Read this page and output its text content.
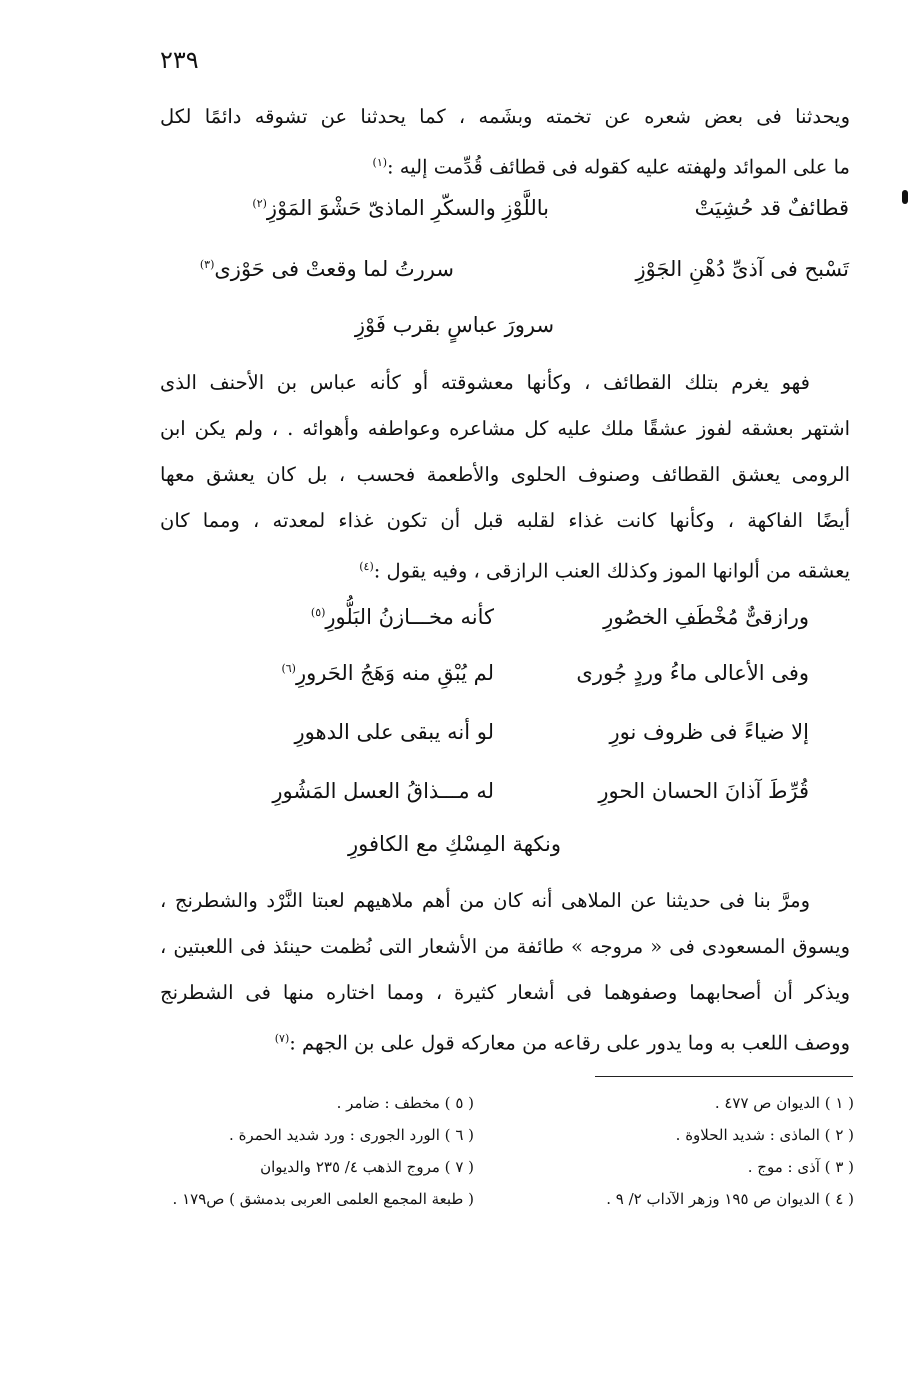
٢٣٩
ويحدثنا فى بعض شعره عن تخمته وبشَمه ، كما يحدثنا عن تشوقه دائمًا لكل
ما على الموائد ولهفته عليه كقوله فى قطائف قُدِّمت إليه :$^{(١)}$
قطائفٌ قد حُشِيَتْ
باللَّوْزِ والسكّرِ الماذىّ حَشْوَ المَوْزِ$^{(٢)}$
تَسْبح فى آذىِّ دُهْنِ الجَوْزِ
سررتُ لما وقعتْ فى حَوْزى$^{(٣)}$
سرورَ عباسٍ بقرب فَوْزِ
فهو يغرم بتلك القطائف ، وكأنها معشوقته أو كأنه عباس بن الأحنف الذى
اشتهر بعشقه لفوز عشقًا ملك عليه كل مشاعره وعواطفه وأهوائه . ، ولم يكن ابن
الرومى يعشق القطائف وصنوف الحلوى والأطعمة فحسب ، بل كان يعشق معها
أيضًا الفاكهة ، وكأنها كانت غذاء لقلبه قبل أن تكون غذاء لمعدته ، ومما كان
يعشقه من ألوانها الموز وكذلك العنب الرازقى ، وفيه يقول :$^{(٤)}$
ورازقىٌّ مُخْطَفِ الخصُورِ
كأنه مخـــازنُ البَلُّورِ$^{(٥)}$
وفى الأعالى ماءُ وردٍ جُورى
لم يُبْقِ منه وَهَجُ الحَرورِ$^{(٦)}$
إلا ضياءً فى ظروف نورِ
لو أنه يبقى على الدهورِ
قُرِّطَ آذانَ الحسان الحورِ
له مـــذاقُ العسل المَشُورِ
ونكهة المِسْكِ مع الكافورِ
ومرَّ بنا فى حديثنا عن الملاهى أنه كان من أهم ملاهيهم لعبتا النَّرْد والشطرنج ،
ويسوق المسعودى فى « مروجه » طائفة من الأشعار التى نُظمت حينئذ فى اللعبتين ،
ويذكر أن أصحابهما وصفوهما فى أشعار كثيرة ، ومما اختاره منها فى الشطرنج
ووصف اللعب به وما يدور على رقاعه من معاركه قول على بن الجهم :$^{(٧)}$
( ١ ) الديوان ص ٤٧٧ .
( ٢ ) الماذى : شديد الحلاوة .
( ٣ ) آذى : موج .
( ٤ ) الديوان ص ١٩٥ وزهر الآداب ٢/ ٩ .
( ٥ ) مخطف : ضامر .
( ٦ ) الورد الجورى : ورد شديد الحمرة .
( ٧ ) مروج الذهب ٤/ ٢٣٥ والديوان
( طبعة المجمع العلمى العربى بدمشق ) ص١٧٩ .
